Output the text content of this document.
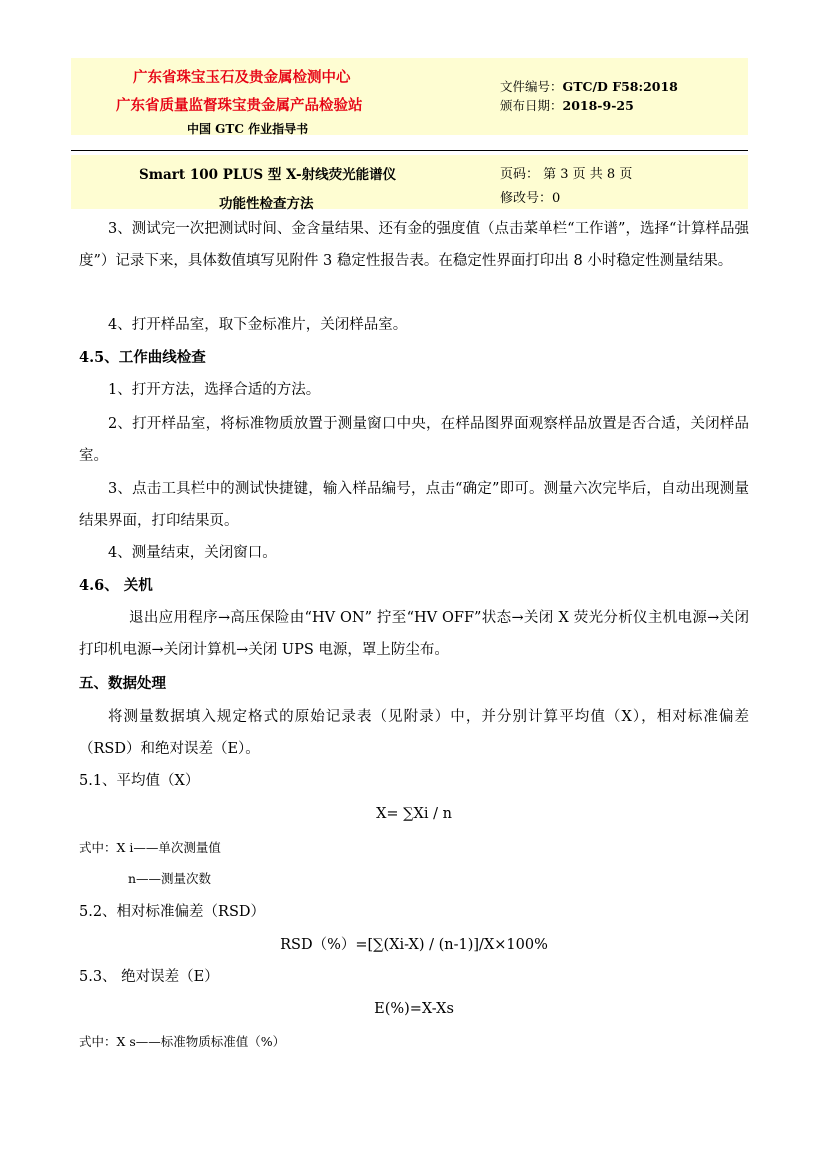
广东省珠宝玉石及贵金属检测中心
广东省质量监督珠宝贵金属产品检验站
中国 GTC 作业指导书
文件编号：GTC/D F58:2018
颁布日期：2018-9-25
Smart 100 PLUS 型 X-射线荧光能谱仪
功能性检查方法
页码： 第 3 页 共 8 页
修改号：0
3、测试完一次把测试时间、金含量结果、还有金的强度值（点击菜单栏“工作谱”，选择“计算样品强度”）记录下来，具体数值填写见附件 3 稳定性报告表。在稳定性界面打印出 8 小时稳定性测量结果。
4、打开样品室，取下金标准片，关闭样品室。
4.5、工作曲线检查
1、打开方法，选择合适的方法。
2、打开样品室，将标准物质放置于测量窗口中央，在样品图界面观察样品放置是否合适，关闭样品室。
3、点击工具栏中的测试快捷键，输入样品编号，点击“确定”即可。测量六次完毕后，自动出现测量结果界面，打印结果页。
4、测量结束，关闭窗口。
4.6、 关机
退出应用程序→高压保险由“HV ON” 拧至“HV OFF”状态→关闭 X 荧光分析仪主机电源→关闭打印机电源→关闭计算机→关闭 UPS 电源，罩上防尘布。
五、数据处理
将测量数据填入规定格式的原始记录表（见附录）中，并分别计算平均值（X），相对标准偏差（RSD）和绝对误差（E）。
5.1、平均值（X）
X= ∑Xi / n
式中：X i——单次测量值
n——测量次数
5.2、相对标准偏差（RSD）
RSD（%）=[∑(Xi-X) / (n-1)]/X×100%
5.3、 绝对误差（E）
E(%)=X-Xs
式中：X s——标准物质标准值（%）
